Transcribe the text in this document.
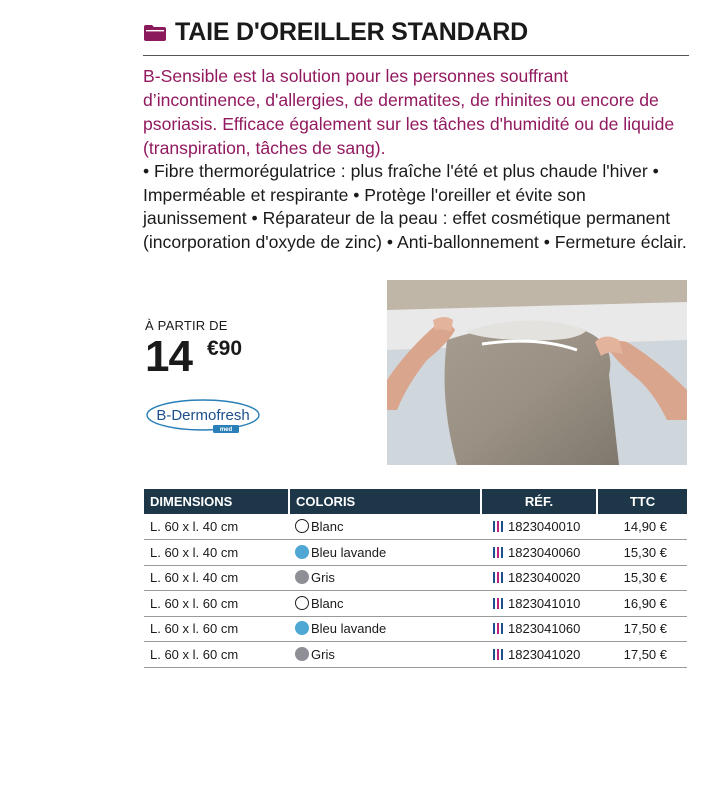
TAIE D'OREILLER STANDARD

B-Sensible est la solution pour les personnes souffrant d’incontinence, d'allergies, de dermatites, de rhinites ou encore de psoriasis. Efficace également sur les tâches d'humidité ou de liquide (transpiration, tâches de sang).

• Fibre thermorégulatrice : plus fraîche l'été et plus chaude l'hiver • Imperméable et respirante • Protège l'oreiller et évite son jaunissement • Réparateur de la peau : effet cosmétique permanent (incorporation d'oxyde de zinc) • Anti-ballonnement • Fermeture éclair.

À PARTIR DE
14 €90
B-Dermofresh
med
DIMENSIONS	COLORIS	RÉF.	TTC
L. 60 x l. 40 cm	Blanc	1823040010	14,90 €
L. 60 x l. 40 cm	Bleu lavande	1823040060	15,30 €
L. 60 x l. 40 cm	Gris	1823040020	15,30 €
L. 60 x l. 60 cm	Blanc	1823041010	16,90 €
L. 60 x l. 60 cm	Bleu lavande	1823041060	17,50 €
L. 60 x l. 60 cm	Gris	1823041020	17,50 €
